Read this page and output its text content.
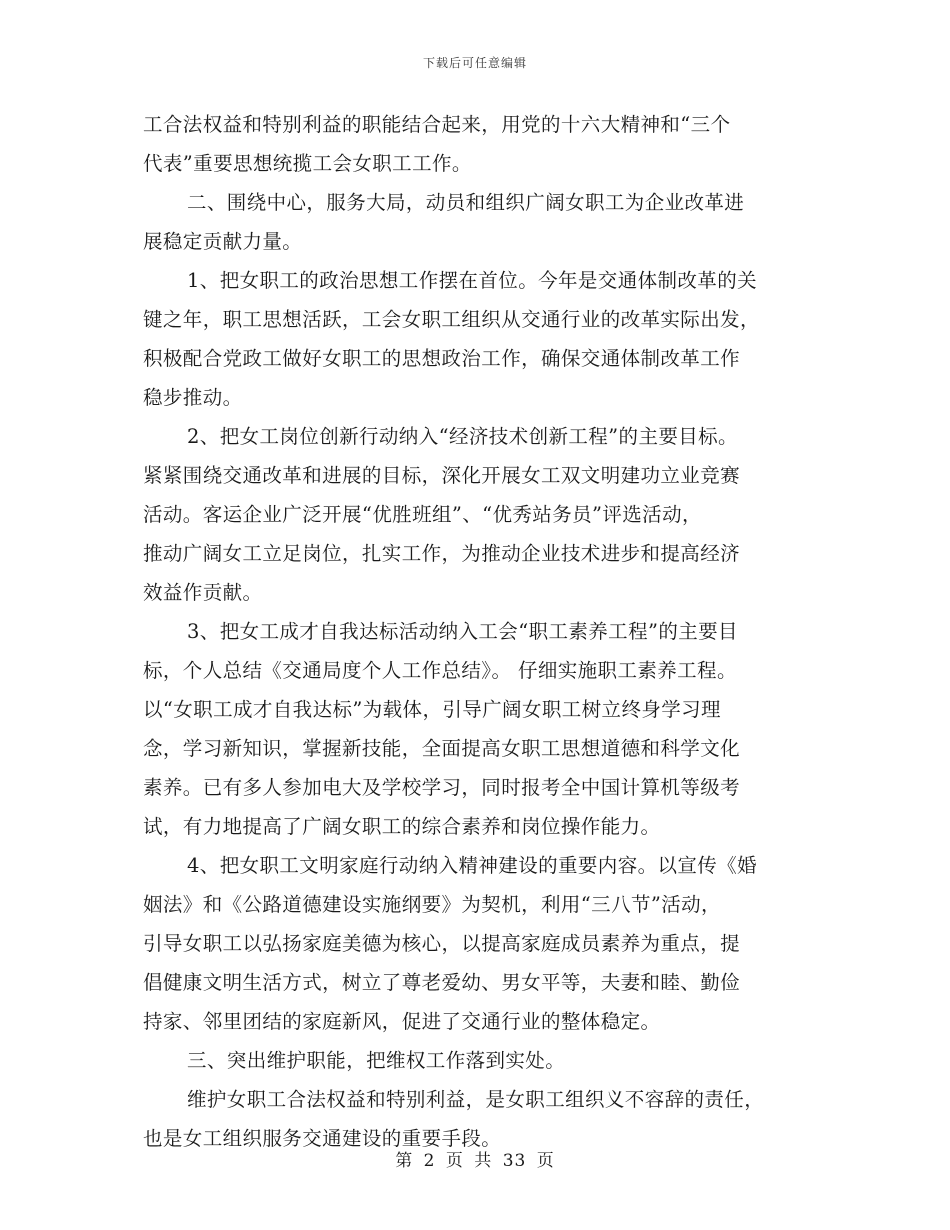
下载后可任意编辑
工合法权益和特别利益的职能结合起来，用党的十六大精神和“三个
代表”重要思想统揽工会女职工工作。
二、围绕中心，服务大局，动员和组织广阔女职工为企业改革进
展稳定贡献力量。
1、把女职工的政治思想工作摆在首位。今年是交通体制改革的关
键之年，职工思想活跃，工会女职工组织从交通行业的改革实际出发，
积极配合党政工做好女职工的思想政治工作，确保交通体制改革工作
稳步推动。
2、把女工岗位创新行动纳入“经济技术创新工程”的主要目标。
紧紧围绕交通改革和进展的目标，深化开展女工双文明建功立业竞赛
活动。客运企业广泛开展“优胜班组”、“优秀站务员”评选活动，
推动广阔女工立足岗位，扎实工作，为推动企业技术进步和提高经济
效益作贡献。
3、把女工成才自我达标活动纳入工会“职工素养工程”的主要目
标，个人总结《交通局度个人工作总结》。 仔细实施职工素养工程。
以“女职工成才自我达标”为载体，引导广阔女职工树立终身学习理
念，学习新知识，掌握新技能，全面提高女职工思想道德和科学文化
素养。已有多人参加电大及学校学习，同时报考全中国计算机等级考
试，有力地提高了广阔女职工的综合素养和岗位操作能力。
4、把女职工文明家庭行动纳入精神建设的重要内容。以宣传《婚
姻法》和《公路道德建设实施纲要》为契机，利用“三八节”活动，
引导女职工以弘扬家庭美德为核心，以提高家庭成员素养为重点，提
倡健康文明生活方式，树立了尊老爱幼、男女平等，夫妻和睦、勤俭
持家、邻里团结的家庭新风，促进了交通行业的整体稳定。
三、突出维护职能，把维权工作落到实处。
维护女职工合法权益和特别利益，是女职工组织义不容辞的责任，
也是女工组织服务交通建设的重要手段。
第 2 页 共 33 页
